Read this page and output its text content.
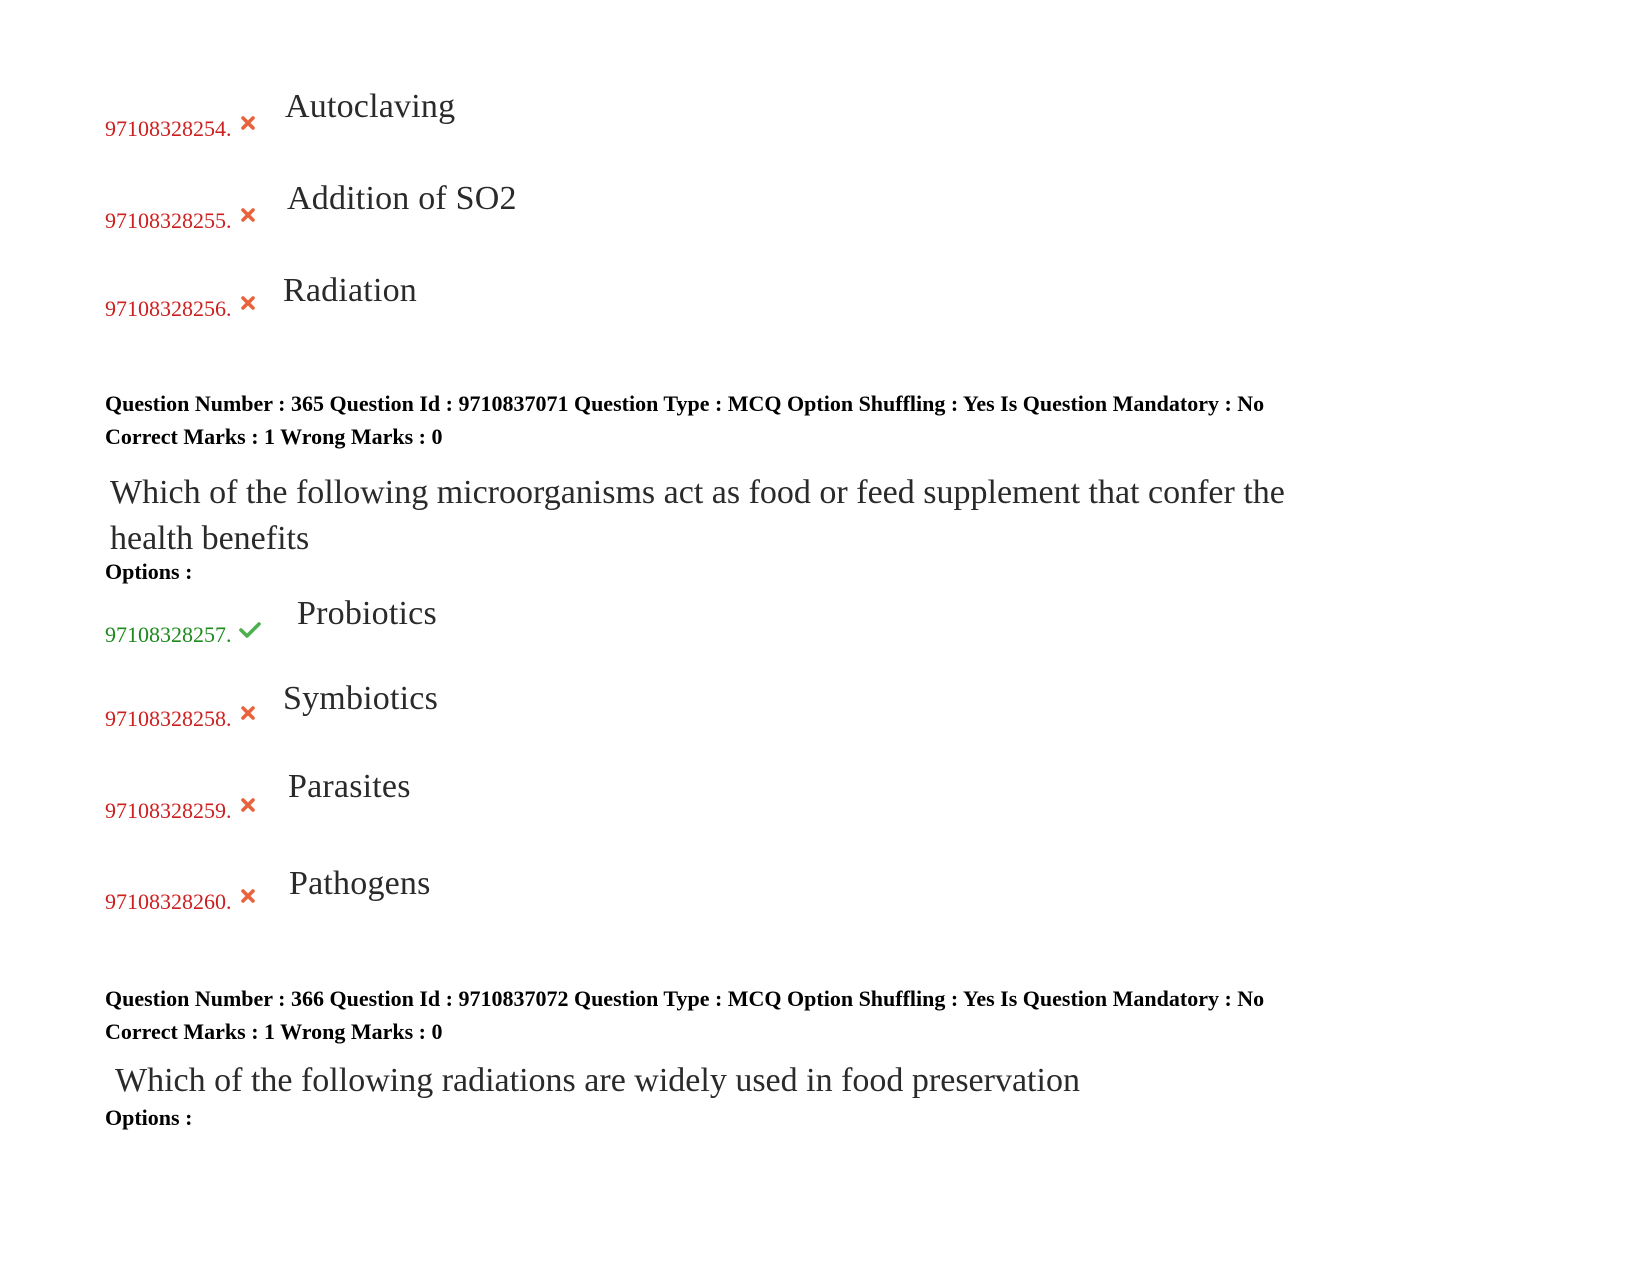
97108328254.
Autoclaving
97108328255.
Addition of SO2
97108328256. Radiation
Question Number : 365 Question Id : 9710837071 Question Type : MCQ Option Shuffling : Yes Is Question Mandatory : No
Correct Marks : 1 Wrong Marks : 0
Which of the following microorganisms act as food or feed supplement that confer the
health benefits
Options :
97108328257.
Probiotics
97108328258.
Symbiotics
97108328259.
Parasites
97108328260. Pathogens
Question Number : 366 Question Id : 9710837072 Question Type : MCQ Option Shuffling : Yes Is Question Mandatory : No
Correct Marks : 1 Wrong Marks : 0
Which of the following radiations are widely used in food preservation
Options :
